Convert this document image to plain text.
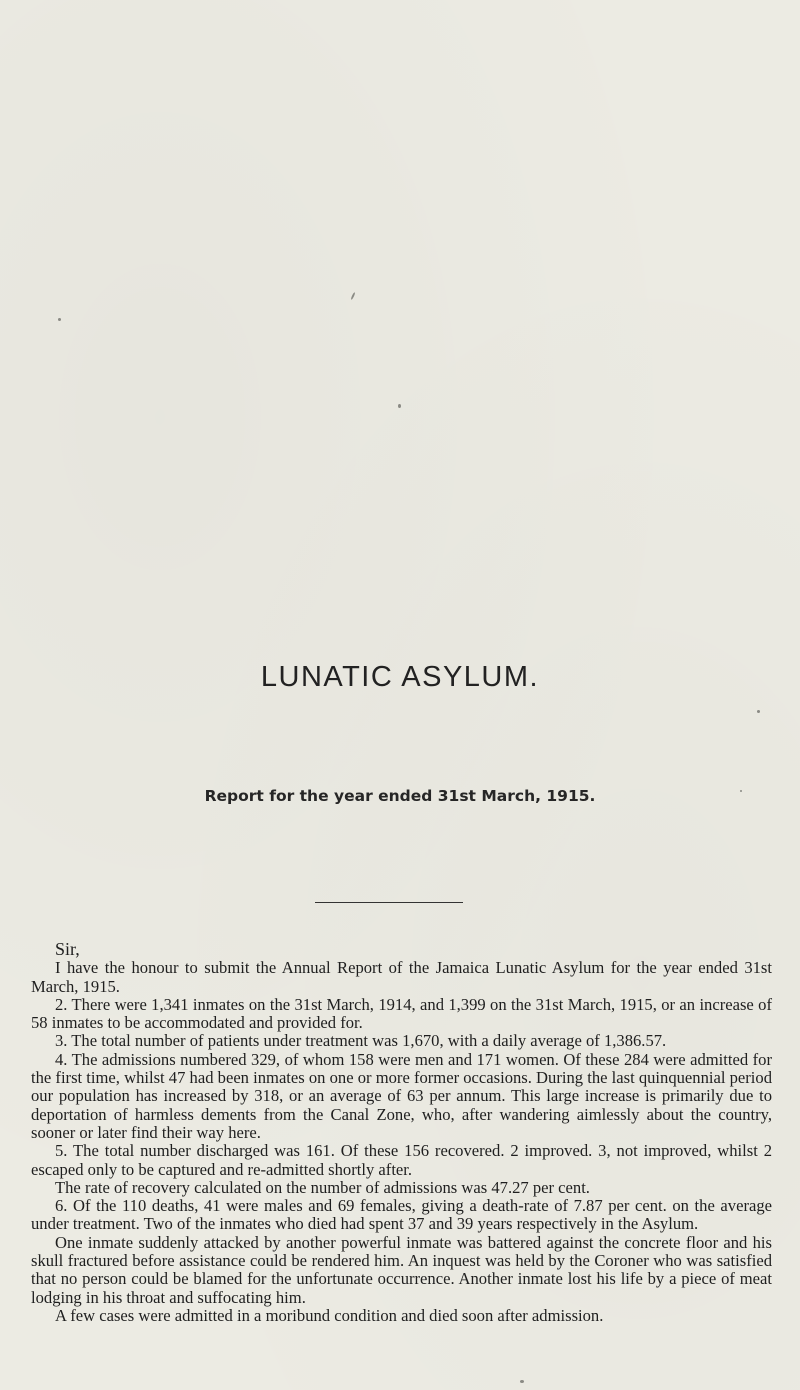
LUNATIC ASYLUM.
Report for the year ended 31st March, 1915.

Sir,

I have the honour to submit the Annual Report of the Jamaica Lunatic Asylum for the year ended 31st March, 1915.

2. There were 1,341 inmates on the 31st March, 1914, and 1,399 on the 31st March, 1915, or an increase of 58 inmates to be accommodated and provided for.

3. The total number of patients under treatment was 1,670, with a daily average of 1,386.57.

4. The admissions numbered 329, of whom 158 were men and 171 women. Of these 284 were admitted for the first time, whilst 47 had been inmates on one or more former occasions. During the last quinquennial period our population has increased by 318, or an average of 63 per annum. This large increase is primarily due to deportation of harmless dements from the Canal Zone, who, after wandering aimlessly about the country, sooner or later find their way here.

5. The total number discharged was 161. Of these 156 recovered. 2 improved. 3, not improved, whilst 2 escaped only to be captured and re-admitted shortly after.

The rate of recovery calculated on the number of admissions was 47.27 per cent.

6. Of the 110 deaths, 41 were males and 69 females, giving a death-rate of 7.87 per cent. on the average under treatment. Two of the inmates who died had spent 37 and 39 years respectively in the Asylum.

One inmate suddenly attacked by another powerful inmate was battered against the concrete floor and his skull fractured before assistance could be rendered him. An inquest was held by the Coroner who was satisfied that no person could be blamed for the unfortunate occurrence. Another inmate lost his life by a piece of meat lodging in his throat and suffocating him.

A few cases were admitted in a moribund condition and died soon after admission.
